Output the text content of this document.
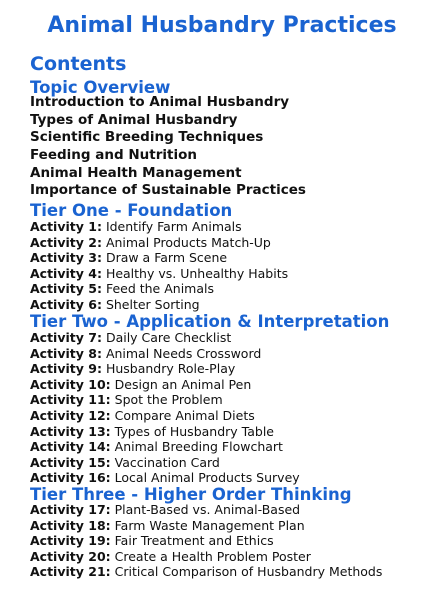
Animal Husbandry Practices
Contents
Topic Overview
Introduction to Animal Husbandry
Types of Animal Husbandry
Scientific Breeding Techniques
Feeding and Nutrition
Animal Health Management
Importance of Sustainable Practices
Tier One - Foundation
Activity 1: Identify Farm Animals
Activity 2: Animal Products Match-Up
Activity 3: Draw a Farm Scene
Activity 4: Healthy vs. Unhealthy Habits
Activity 5: Feed the Animals
Activity 6: Shelter Sorting
Tier Two - Application & Interpretation
Activity 7: Daily Care Checklist
Activity 8: Animal Needs Crossword
Activity 9: Husbandry Role-Play
Activity 10: Design an Animal Pen
Activity 11: Spot the Problem
Activity 12: Compare Animal Diets
Activity 13: Types of Husbandry Table
Activity 14: Animal Breeding Flowchart
Activity 15: Vaccination Card
Activity 16: Local Animal Products Survey
Tier Three - Higher Order Thinking
Activity 17: Plant-Based vs. Animal-Based
Activity 18: Farm Waste Management Plan
Activity 19: Fair Treatment and Ethics
Activity 20: Create a Health Problem Poster
Activity 21: Critical Comparison of Husbandry Methods
